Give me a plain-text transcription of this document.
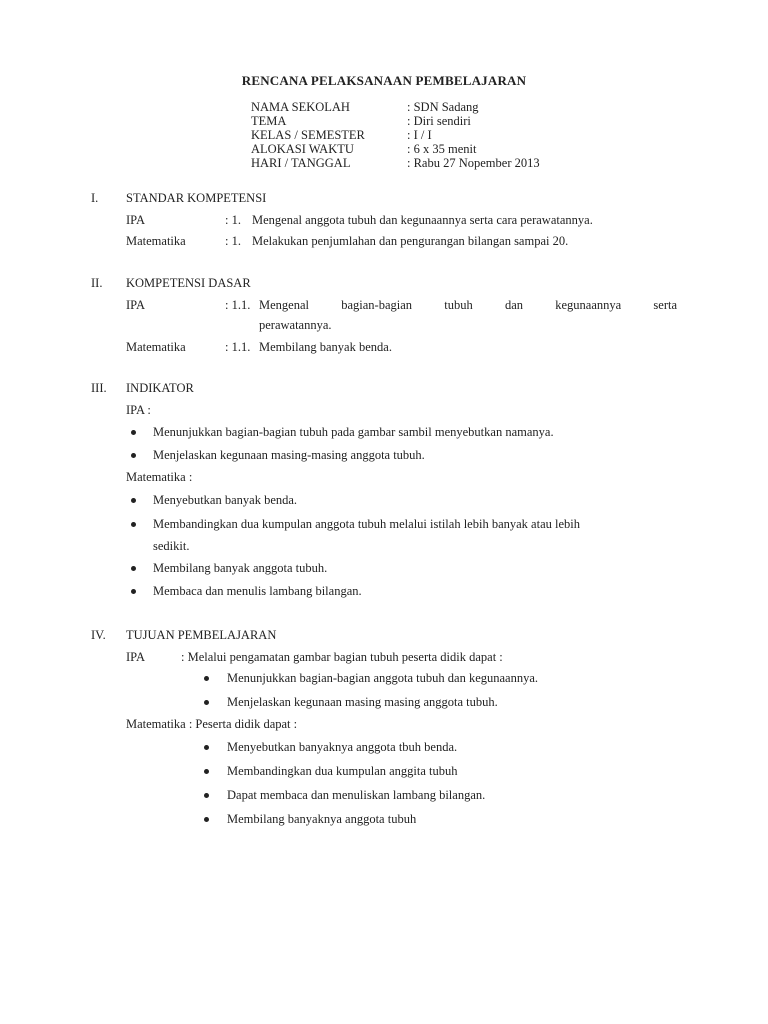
RENCANA PELAKSANAAN PEMBELAJARAN
NAMA SEKOLAH	: SDN Sadang
TEMA	: Diri sendiri
KELAS / SEMESTER	: I / I
ALOKASI WAKTU	: 6 x 35 menit
HARI / TANGGAL	: Rabu 27 Nopember 2013
I. STANDAR KOMPETENSI
IPA	: 1. Mengenal anggota tubuh dan kegunaannya serta cara perawatannya.
Matematika	: 1. Melakukan penjumlahan dan pengurangan bilangan sampai 20.
II. KOMPETENSI DASAR
IPA	: 1.1. Mengenal bagian-bagian tubuh dan kegunaannya serta
perawatannya.
Matematika	: 1.1. Membilang banyak benda.
III. INDIKATOR
IPA :
Menunjukkan bagian-bagian tubuh pada gambar sambil menyebutkan namanya.
Menjelaskan kegunaan masing-masing anggota tubuh.
Matematika :
Menyebutkan banyak benda.
Membandingkan dua kumpulan anggota tubuh melalui istilah lebih banyak atau lebih
sedikit.
Membilang banyak anggota tubuh.
Membaca dan menulis lambang bilangan.
IV. TUJUAN PEMBELAJARAN
IPA	: Melalui pengamatan gambar bagian tubuh peserta didik dapat :
Menunjukkan bagian-bagian anggota tubuh dan kegunaannya.
Menjelaskan kegunaan masing masing anggota tubuh.
Matematika : Peserta didik dapat :
Menyebutkan banyaknya anggota tbuh benda.
Membandingkan dua kumpulan anggita tubuh
Dapat membaca dan menuliskan lambang bilangan.
Membilang banyaknya anggota tubuh
